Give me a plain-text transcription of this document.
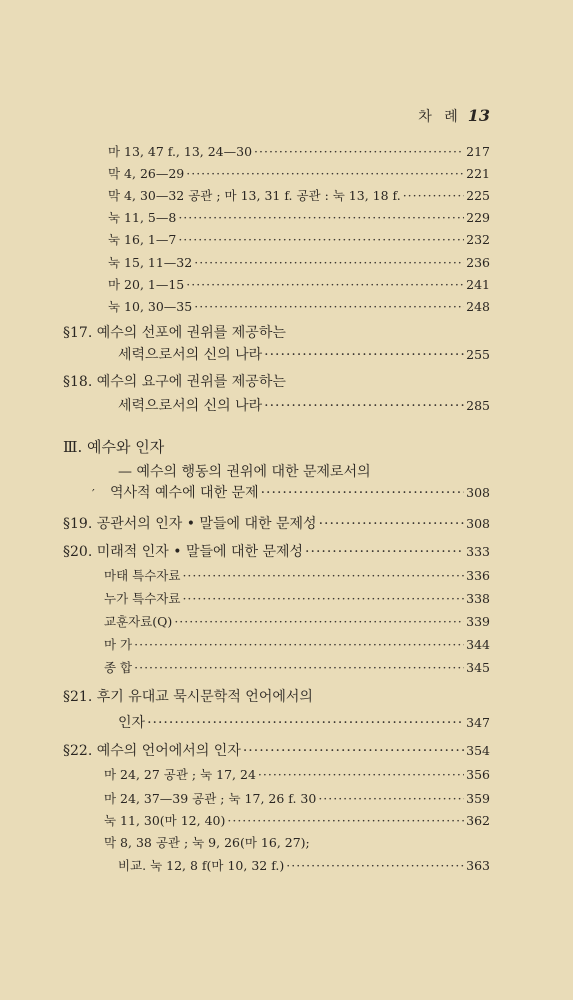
차 례 13
마 13, 47 f., 13, 24—30 ·····	217
막 4, 26—29 ·····	221
막 4, 30—32 공관 ; 마 13, 31 f. 공관 : 눅 13, 18 f. ·····	225
눅 11, 5—8 ·····	229
눅 16, 1—7 ·····	232
눅 15, 11—32 ·····	236
마 20, 1—15 ·····	241
눅 10, 30—35 ·····	248
§17. 예수의 선포에 권위를 제공하는
세력으로서의 신의 나라 ·····	255
§18. 예수의 요구에 권위를 제공하는
세력으로서의 신의 나라 ·····	285
Ⅲ. 예수와 인자
— 예수의 행동의 권위에 대한 문제로서의
′ 역사적 예수에 대한 문제 ·····	308
§19. 공관서의 인자 • 말들에 대한 문제성 ·····	308
§20. 미래적 인자 • 말들에 대한 문제성 ·····	333
마태 특수자료 ·····	336
누가 특수자료 ·····	338
교훈자료(Q) ·····	339
마 가 ·····	344
종 합 ·····	345
§21. 후기 유대교 묵시문학적 언어에서의
인자 ·····	347
§22. 예수의 언어에서의 인자 ·····	354
마 24, 27 공관 ; 눅 17, 24 ·····	356
마 24, 37—39 공관 ; 눅 17, 26 f. 30 ·····	359
눅 11, 30(마 12, 40) ·····	362
막 8, 38 공관 ; 눅 9, 26(마 16, 27);
비교. 눅 12, 8 f(마 10, 32 f.) ·····	363
